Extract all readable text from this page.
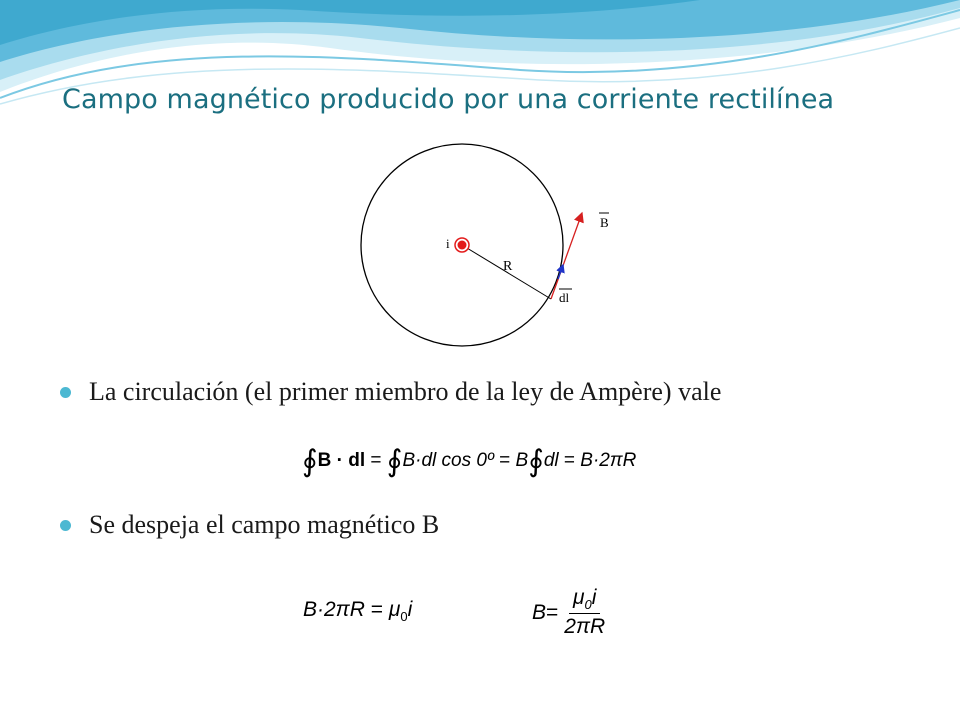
Campo magnético producido por una corriente rectilínea
i
R
B
dl
La circulación (el primer miembro de la ley de Ampère) vale
∮B · dl = ∮B·dl cos 0º = B∮dl = B·2πR
Se despeja el campo magnético B
$B\cdot 2\pi R = \mu_0i$	$B = \frac{\mu_0i}{2\pi R}$
